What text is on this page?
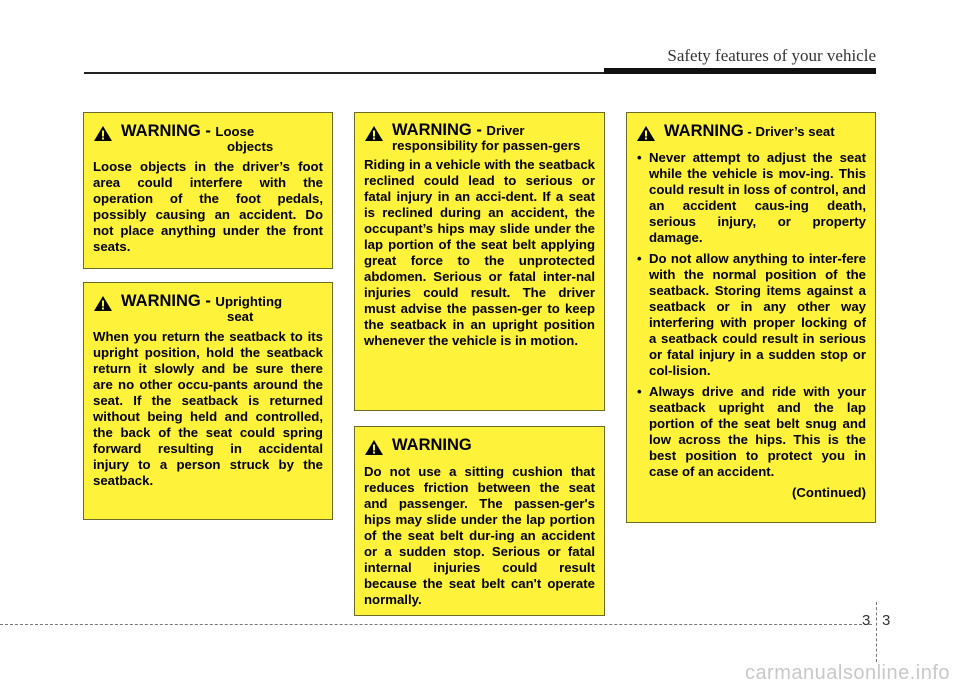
Safety features of your vehicle
WARNING - Loose
objects
Loose objects in the driver’s foot area could interfere with the operation of the foot pedals, possibly causing an accident. Do not place anything under the front seats.
WARNING - Uprighting
seat
When you return the seatback to its upright position, hold the seatback return it slowly and be sure there are no other occu-pants around the seat. If the seatback is returned without being held and controlled, the back of the seat could spring forward resulting in accidental injury to a person struck by the seatback.
WARNING - Driver responsibility for passen-gers
Riding in a vehicle with the seatback reclined could lead to serious or fatal injury in an acci-dent. If a seat is reclined during an accident, the occupant’s hips may slide under the lap portion of the seat belt applying great force to the unprotected abdomen. Serious or fatal inter-nal injuries could result. The driver must advise the passen-ger to keep the seatback in an upright position whenever the vehicle is in motion.
WARNING
Do not use a sitting cushion that reduces friction between the seat and passenger. The passen-ger's hips may slide under the lap portion of the seat belt dur-ing an accident or a sudden stop. Serious or fatal internal injuries could result because the seat belt can't operate normally.
WARNING - Driver’s seat
• Never attempt to adjust the seat while the vehicle is mov-ing. This could result in loss of control, and an accident caus-ing death, serious injury, or property damage.
• Do not allow anything to inter-fere with the normal position of the seatback. Storing items against a seatback or in any other way interfering with proper locking of a seatback could result in serious or fatal injury in a sudden stop or col-lision.
• Always drive and ride with your seatback upright and the lap portion of the seat belt snug and low across the hips. This is the best position to protect you in case of an accident.
(Continued)
3 3
carmanualsonline.info
